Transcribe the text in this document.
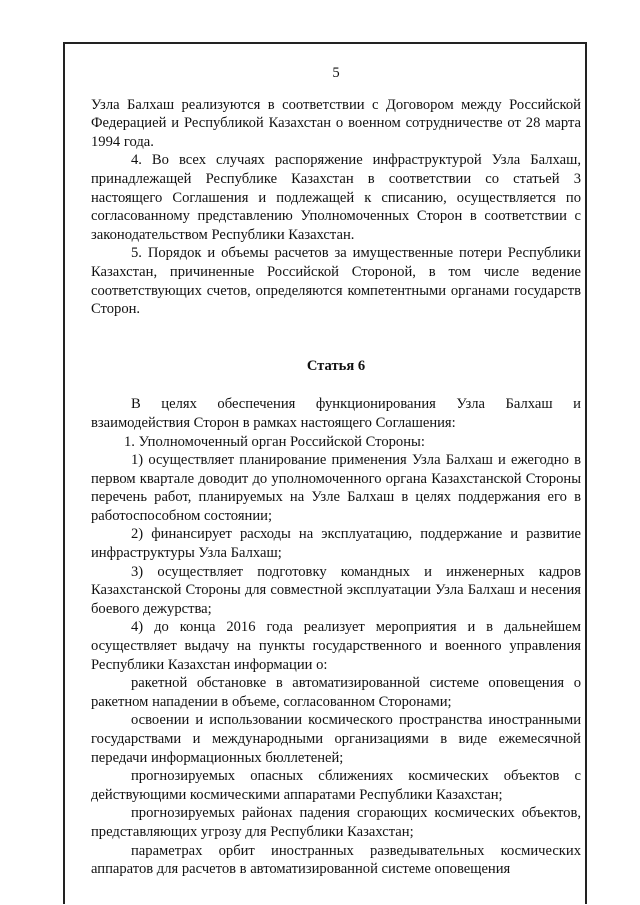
5

Узла Балхаш реализуются в соответствии с Договором между Российской Федерацией и Республикой Казахстан о военном сотрудничестве от 28 марта 1994 года.

4. Во всех случаях распоряжение инфраструктурой Узла Балхаш, принадлежащей Республике Казахстан в соответствии со статьей 3 настоящего Соглашения и подлежащей к списанию, осуществляется по согласованному представлению Уполномоченных Сторон в соответствии с законодательством Республики Казахстан.

5. Порядок и объемы расчетов за имущественные потери Республики Казахстан, причиненные Российской Стороной, в том числе ведение соответствующих счетов, определяются компетентными органами государств Сторон.

Статья 6

В целях обеспечения функционирования Узла Балхаш и взаимодействия Сторон в рамках настоящего Соглашения:

1. Уполномоченный орган Российской Стороны:

1) осуществляет планирование применения Узла Балхаш и ежегодно в первом квартале доводит до уполномоченного органа Казахстанской Стороны перечень работ, планируемых на Узле Балхаш в целях поддержания его в работоспособном состоянии;

2) финансирует расходы на эксплуатацию, поддержание и развитие инфраструктуры Узла Балхаш;

3) осуществляет подготовку командных и инженерных кадров Казахстанской Стороны для совместной эксплуатации Узла Балхаш и несения боевого дежурства;

4) до конца 2016 года реализует мероприятия и в дальнейшем осуществляет выдачу на пункты государственного и военного управления Республики Казахстан информации о:

ракетной обстановке в автоматизированной системе оповещения о ракетном нападении в объеме, согласованном Сторонами;

освоении и использовании космического пространства иностранными государствами и международными организациями в виде ежемесячной передачи информационных бюллетеней;

прогнозируемых опасных сближениях космических объектов с действующими космическими аппаратами Республики Казахстан;

прогнозируемых районах падения сгорающих космических объектов, представляющих угрозу для Республики Казахстан;

параметрах орбит иностранных разведывательных космических аппаратов для расчетов в автоматизированной системе оповещения
